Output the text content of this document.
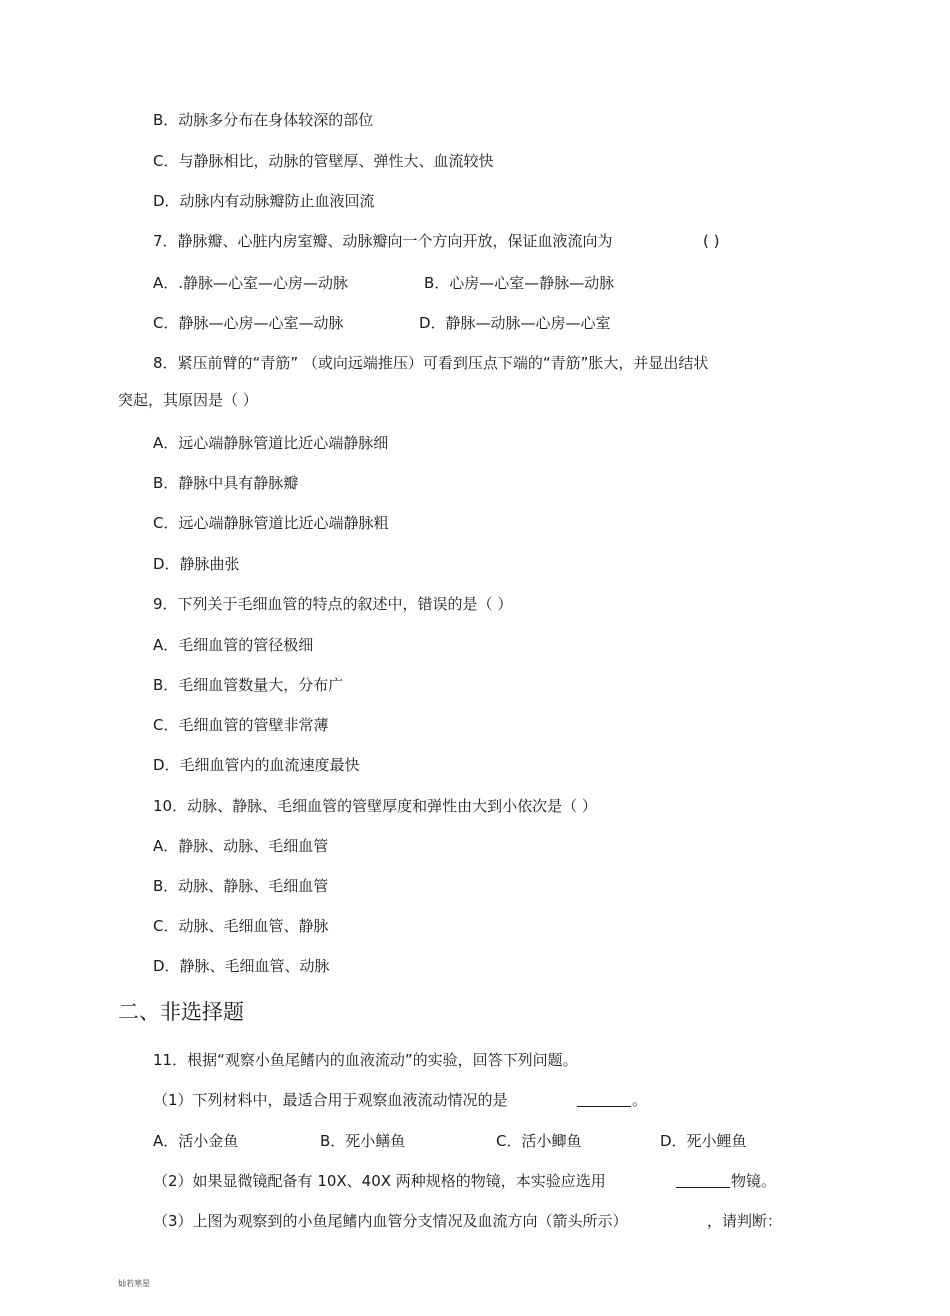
B．动脉多分布在身体较深的部位
C．与静脉相比，动脉的管壁厚、弹性大、血流较快
D．动脉内有动脉瓣防止血液回流
7．静脉瓣、心脏内房室瓣、动脉瓣向一个方向开放，保证血液流向为	( )
A．.静脉—心室—心房—动脉	B．心房—心室—静脉—动脉
C．静脉—心房—心室—动脉	D．静脉—动脉—心房—心室
8．紧压前臂的“青筋” （或向远端推压）可看到压点下端的“青筋”胀大，并显出结状
突起，其原因是（ ）
A．远心端静脉管道比近心端静脉细
B．静脉中具有静脉瓣
C．远心端静脉管道比近心端静脉粗
D．静脉曲张
9．下列关于毛细血管的特点的叙述中，错误的是（ ）
A．毛细血管的管径极细
B．毛细血管数量大，分布广
C．毛细血管的管壁非常薄
D．毛细血管内的血流速度最快
10．动脉、静脉、毛细血管的管壁厚度和弹性由大到小依次是（ ）
A．静脉、动脉、毛细血管
B．动脉、静脉、毛细血管
C．动脉、毛细血管、静脉
D．静脉、毛细血管、动脉
二、非选择题
11．根据“观察小鱼尾鳍内的血液流动”的实验，回答下列问题。
（1）下列材料中，最适合用于观察血液流动情况的是	。
A．活小金鱼	B．死小鳝鱼	C．活小鲫鱼	D．死小鲤鱼
（2）如果显微镜配备有 10X、40X 两种规格的物镜，本实验应选用	物镜。
（3）上图为观察到的小鱼尾鳍内血管分支情况及血流方向（箭头所示）	，请判断：
灿若寒星
